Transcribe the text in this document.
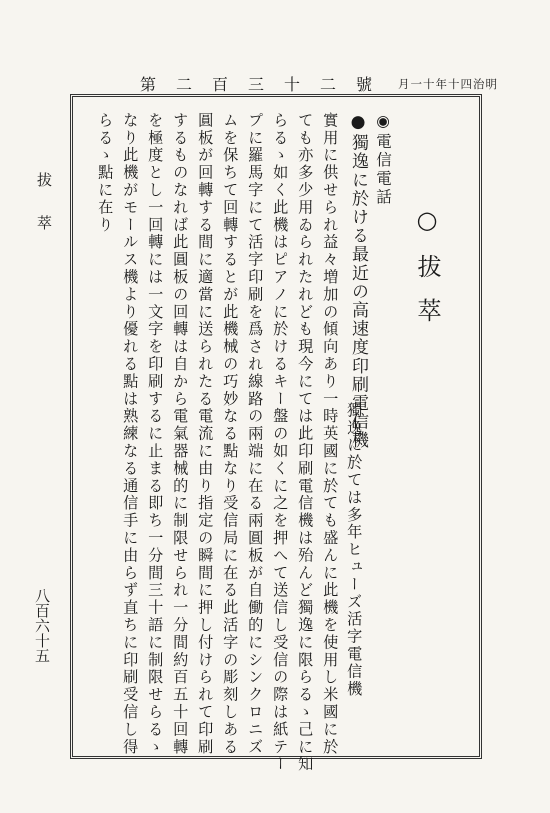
第二百三十二號 明治四十年十一月
拔萃
八百六十五
○拔萃
◉電信電話
●獨逸に於ける最近の高速度印刷電信機
獨逸に於ては多年ヒューズ活字電信機
實用に供せられ益々増加の傾向あり一時英國に於ても盛んに此機を使用し米國に於
ても亦多少用ゐられたれども現今にては此印刷電信機は殆んど獨逸に限らるゝ己に知
らるゝ如く此機はピアノに於けるキー盤の如くに之を押へて送信し受信の際は紙テー
プに羅馬字にて活字印刷を爲され線路の兩端に在る兩圓板が自働的にシンクロニズ
ムを保ちて回轉するとが此機械の巧妙なる點なり受信局に在る此活字の彫刻しある
圓板が回轉する間に適當に送られたる電流に由り指定の瞬間に押し付けられて印刷
するものなれば此圓板の回轉は自から電氣器械的に制限せられ一分間約百五十回轉
を極度とし一回轉には一文字を印刷するに止まる即ち一分間三十語に制限せらるゝ
なり此機がモールス機より優れる點は熟練なる通信手に由らず直ちに印刷受信し得
らるゝ點に在り
